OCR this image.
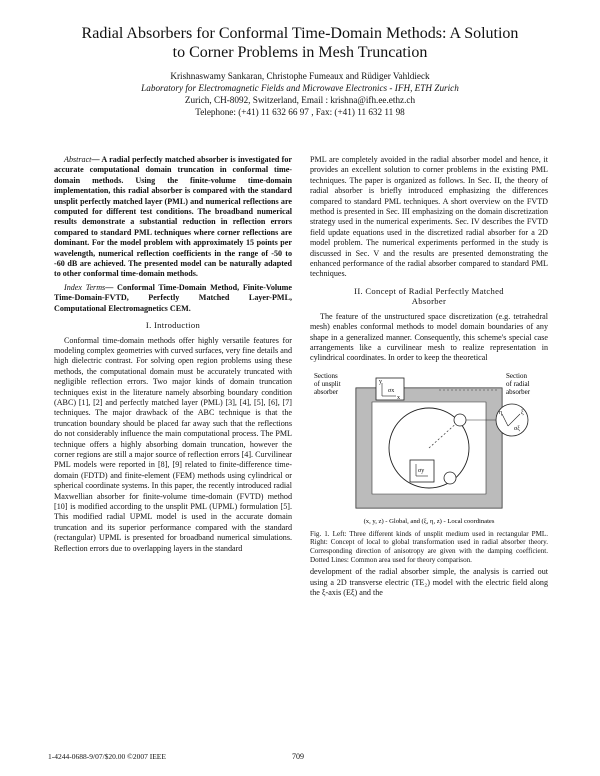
Radial Absorbers for Conformal Time-Domain Methods: A Solution
to Corner Problems in Mesh Truncation
Krishnaswamy Sankaran, Christophe Fumeaux and Rüdiger Vahldieck
Laboratory for Electromagnetic Fields and Microwave Electronics - IFH, ETH Zurich
Zurich, CH-8092, Switzerland, Email : krishna@ifh.ee.ethz.ch
Telephone: (+41) 11 632 66 97 , Fax: (+41) 11 632 11 98

Abstract— A radial perfectly matched absorber is investigated for accurate computational domain truncation in conformal time-domain methods. Using the finite-volume time-domain implementation, this radial absorber is compared with the standard unsplit perfectly matched layer (PML) and numerical reflections are computed for different test conditions. The broadband numerical results demonstrate a substantial reduction in reflection errors compared to standard PML techniques where corner reflections are dominant. For the model problem with approximately 15 points per wavelength, numerical reflection coefficients in the range of -50 to -60 dB are achieved. The presented model can be naturally adapted to other conformal time-domain methods.

Index Terms— Conformal Time-Domain Method, Finite-Volume Time-Domain-FVTD, Perfectly Matched Layer-PML, Computational Electromagnetics CEM.

I. Introduction

Conformal time-domain methods offer highly versatile features for modeling complex geometries with curved surfaces, very fine details and high dielectric contrast. For solving open region problems using these methods, the computational domain must be accurately truncated with negligible reflection errors. Two major kinds of domain truncation techniques exist in the literature namely absorbing boundary condition (ABC) [1], [2] and perfectly matched layer (PML) [3], [4], [5], [6], [7] techniques. The major drawback of the ABC technique is that the truncation boundary should be placed far away such that the reflections do not considerably influence the main computational process. The PML technique offers a highly absorbing domain truncation, however the corner regions are still a major source of reflection errors [4]. Curvilinear PML models were reported in [8], [9] related to finite-difference time-domain (FDTD) and finite-element (FEM) methods using cylindrical or spherical coordinate systems. In this paper, the recently introduced radial Maxwellian absorber for finite-volume time-domain (FVTD) method [10] is modified according to the unsplit PML (UPML) formulation [5]. This modified radial UPML model is used in the accurate domain truncation and its superior performance compared with the standard (rectangular) UPML is presented for broadband numerical simulations. Reflection errors due to overlapping layers in the standard

PML are completely avoided in the radial absorber model and hence, it provides an excellent solution to corner problems in the existing PML techniques. The paper is organized as follows. In Sec. II, the theory of radial absorber is briefly introduced emphasizing the differences compared to standard PML techniques. A short overview on the FVTD method is presented in Sec. III emphasizing on the domain discretization strategy used in the numerical experiments. Sec. IV describes the FVTD field update equations used in the discretized radial absorber for a 2D model problem. The numerical experiments performed in the study is discussed in Sec. V and the results are presented demonstrating the enhanced performance of the radial absorber compared to standard PML techniques.

II. Concept of Radial Perfectly Matched
Absorber

The feature of the unstructured space discretization (e.g. tetrahedral mesh) enables conformal methods to model domain boundaries of any shape in a generalized manner. Consequently, this scheme's special case arrangements like a curvilinear mesh to realize representation in cylindrical coordinates. In order to keep the theoretical

Sections
of unsplit
absorber
Section
of radial
absorber
σx
σy
σξ
ξ
η
x
y
(x, y, z) - Global, and (ξ, η, z) - Local coordinates

Fig. 1. Left: Three different kinds of unsplit medium used in rectangular PML. Right: Concept of local to global transformation used in radial absorber theory. Corresponding direction of anisotropy are given with the damping coefficient. Dotted Lines: Common area used for theory comparison.

development of the radial absorber simple, the analysis is carried out using a 2D transverse electric (TE₂) model with the electric field along the ξ-axis (Eξ) and the

1-4244-0688-9/07/$20.00 ©2007 IEEE	709
